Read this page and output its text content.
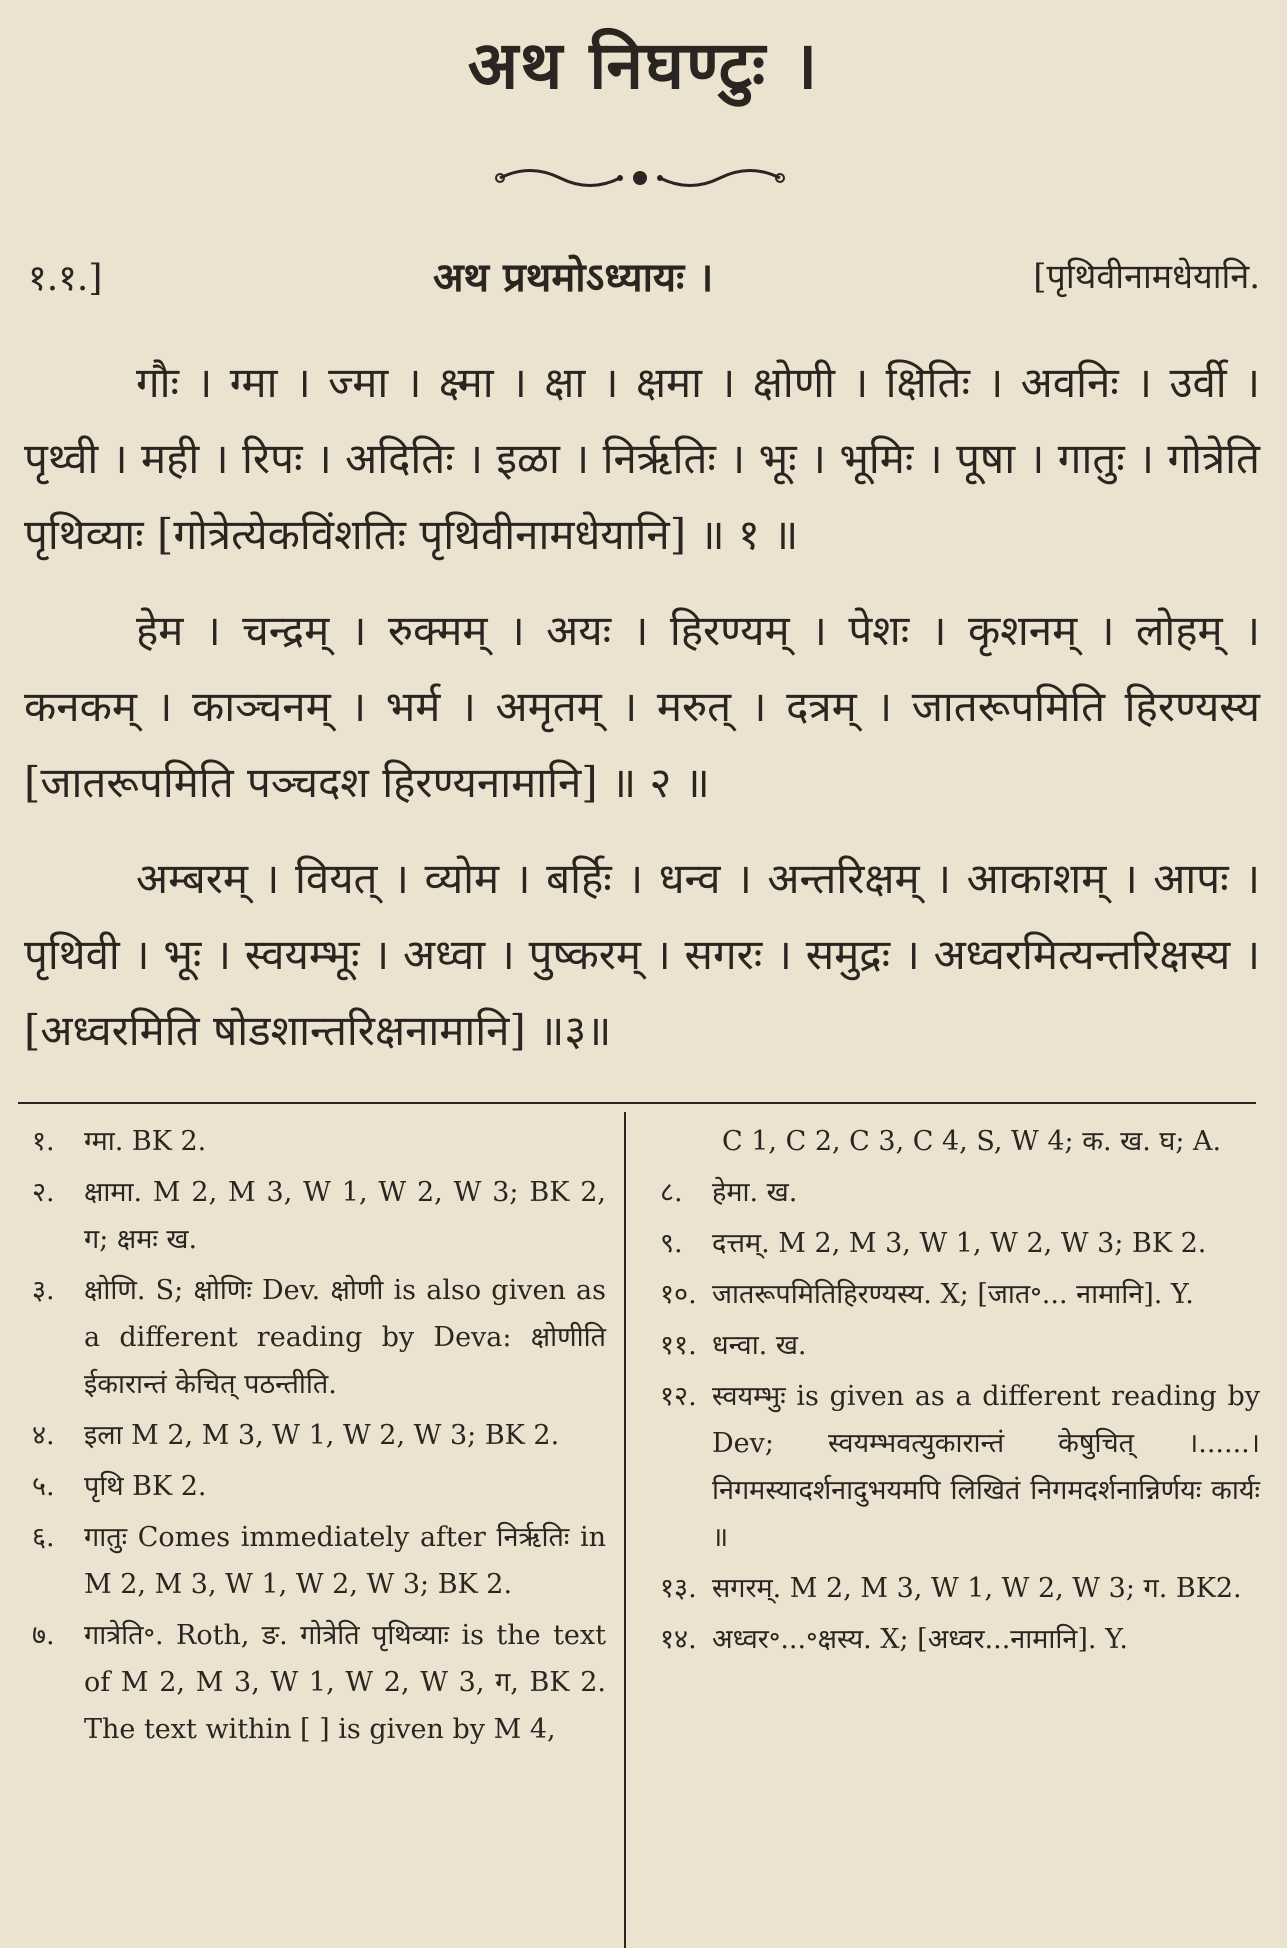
अथ निघण्टुः ।
१.१.]	अथ प्रथमोऽध्यायः ।	[पृथिवीनामधेयानि.

गौः । ग्मा । ज्मा । क्ष्मा । क्षा । क्षमा । क्षोणी । क्षितिः । अवनिः । उर्वी । पृथ्वी । मही । रिपः । अदितिः । इळा । निर्ऋतिः । भूः । भूमिः । पूषा । गातुः । गोत्रेति पृथिव्याः [गोत्रेत्येकविंशतिः पृथिवीनामधेयानि] ॥ १ ॥

हेम । चन्द्रम् । रुक्मम् । अयः । हिरण्यम् । पेशः । कृशनम् । लोहम् । कनकम् । काञ्चनम् । भर्म । अमृतम् । मरुत् । दत्रम् । जातरूपमिति हिरण्यस्य [जातरूपमिति पञ्चदश हिरण्यनामानि] ॥ २ ॥

अम्बरम् । वियत् । व्योम । बर्हिः । धन्व । अन्तरिक्षम् । आकाशम् । आपः । पृथिवी । भूः । स्वयम्भूः । अध्वा । पुष्करम् । सगरः । समुद्रः । अध्वरमित्यन्तरिक्षस्य । [अध्वरमिति षोडशान्तरिक्षनामानि] ॥३॥

१.	ग्मा. BK 2.
२.	क्षामा. M 2, M 3, W 1, W 2, W 3; BK 2, ग; क्षमः ख.
३.	क्षोणि. S; क्षोणिः Dev. क्षोणी is also given as a different reading by Deva: क्षोणीति ईकारान्तं केचित् पठन्तीति.
४.	इला M 2, M 3, W 1, W 2, W 3; BK 2.
५.	पृथि BK 2.
६.	गातुः Comes immediately after निर्ऋतिः in M 2, M 3, W 1, W 2, W 3; BK 2.
७.	गात्रेति॰. Roth, ङ. गोत्रेति पृथिव्याः is the text of M 2, M 3, W 1, W 2, W 3, ग, BK 2. The text within [ ] is given by M 4,
C 1, C 2, C 3, C 4, S, W 4; क. ख. घ; A.
८.	हेमा. ख.
९.	दत्तम्. M 2, M 3, W 1, W 2, W 3; BK 2.
१०. जातरूपमितिहिरण्यस्य. X; [जात॰... नामानि]. Y.
११. धन्वा. ख.
१२. स्वयम्भुः is given as a different reading by Dev; स्वयम्भवत्युकारान्तं केषुचित् ।......। निगमस्यादर्शनादुभयमपि लिखितं निगमदर्शनान्निर्णयः कार्यः ॥
१३. सगरम्. M 2, M 3, W 1, W 2, W 3; ग. BK2.
१४. अध्वर॰...॰क्षस्य. X; [अध्वर...नामानि]. Y.
